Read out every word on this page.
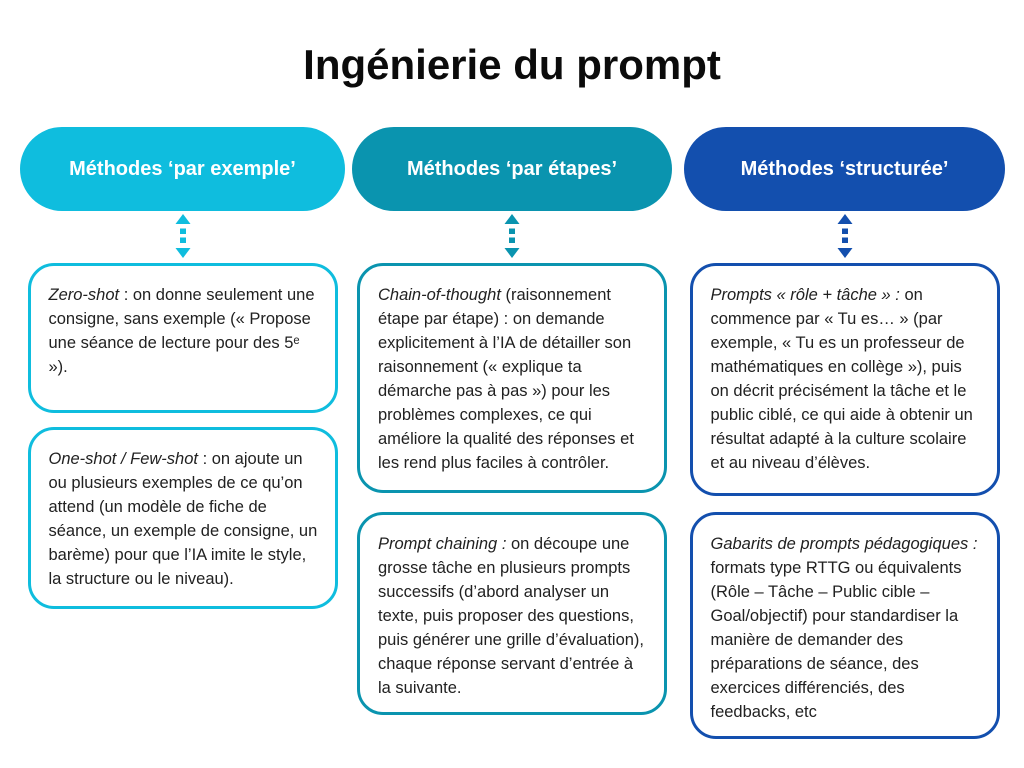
Ingénierie du prompt
Méthodes ‘par exemple’

Zero-shot : on donne seulement une consigne, sans exemple (« Propose une séance de lecture pour des 5ᵉ »).

One-shot / Few-shot : on ajoute un ou plusieurs exemples de ce qu’on attend (un modèle de fiche de séance, un exemple de consigne, un barème) pour que l’IA imite le style, la structure ou le niveau).

Méthodes ‘par étapes’

Chain-of-thought (raisonnement étape par étape) : on demande explicitement à l’IA de détailler son raisonnement (« explique ta démarche pas à pas ») pour les problèmes complexes, ce qui améliore la qualité des réponses et les rend plus faciles à contrôler.

Prompt chaining : on découpe une grosse tâche en plusieurs prompts successifs (d’abord analyser un texte, puis proposer des questions, puis générer une grille d’évaluation), chaque réponse servant d’entrée à la suivante.

Méthodes ‘structurée’

Prompts « rôle + tâche » : on commence par « Tu es… » (par exemple, « Tu es un professeur de mathématiques en collège »), puis on décrit précisément la tâche et le public ciblé, ce qui aide à obtenir un résultat adapté à la culture scolaire et au niveau d’élèves.

Gabarits de prompts pédagogiques : formats type RTTG ou équivalents (Rôle – Tâche – Public cible – Goal/objectif) pour standardiser la manière de demander des préparations de séance, des exercices différenciés, des feedbacks, etc
